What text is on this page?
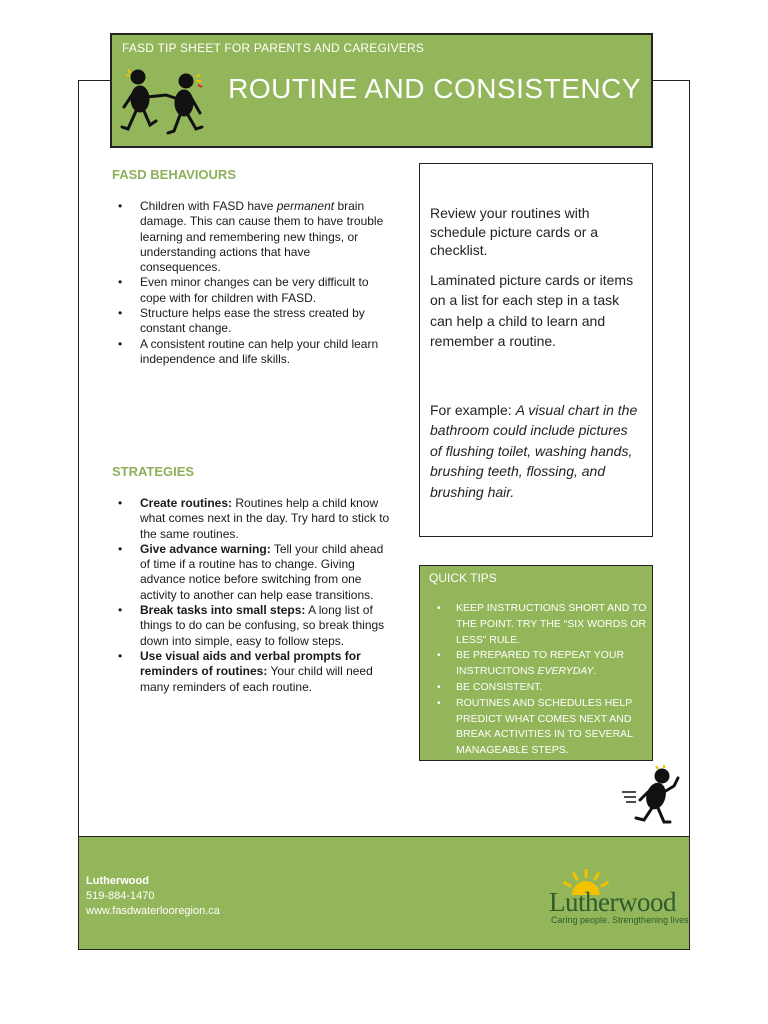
FASD TIP SHEET FOR PARENTS AND CAREGIVERS
ROUTINE AND CONSISTENCY
FASD BEHAVIOURS
• Children with FASD have permanent brain damage. This can cause them to have trouble learning and remembering new things, or understanding actions that have consequences.
• Even minor changes can be very difficult to cope with for children with FASD.
• Structure helps ease the stress created by constant change.
• A consistent routine can help your child learn independence and life skills.
STRATEGIES
• Create routines: Routines help a child know what comes next in the day. Try hard to stick to the same routines.
• Give advance warning: Tell your child ahead of time if a routine has to change. Giving advance notice before switching from one activity to another can help ease transitions.
• Break tasks into small steps: A long list of things to do can be confusing, so break things down into simple, easy to follow steps.
• Use visual aids and verbal prompts for reminders of routines: Your child will need many reminders of each routine.

Review your routines with schedule picture cards or a checklist.

Laminated picture cards or items on a list for each step in a task can help a child to learn and remember a routine.

For example: A visual chart in the bathroom could include pictures of flushing toilet, washing hands, brushing teeth, flossing, and brushing hair.

QUICK TIPS
• KEEP INSTRUCTIONS SHORT AND TO THE POINT. TRY THE “SIX WORDS OR LESS” RULE.
• BE PREPARED TO REPEAT YOUR INSTRUCITONS EVERYDAY.
• BE CONSISTENT.
• ROUTINES AND SCHEDULES HELP PREDICT WHAT COMES NEXT AND BREAK ACTIVITIES IN TO SEVERAL MANAGEABLE STEPS.
Lutherwood
519-884-1470
www.fasdwaterlooregion.ca	Lutherwood
Caring people. Strengthening lives
